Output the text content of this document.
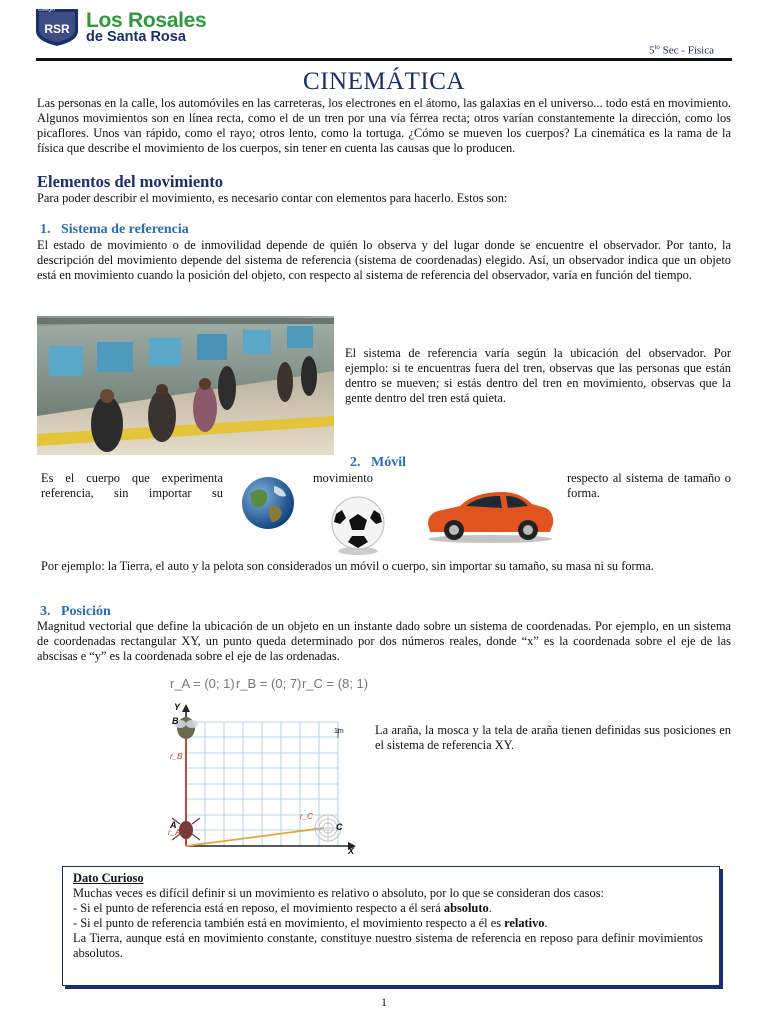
Colegio
RSR Los Rosales
de Santa Rosa
$5^{to}$ Sec - Física
CINEMÁTICA
Las personas en la calle, los automóviles en las carreteras, los electrones en el átomo, las galaxias en el universo... todo está en movimiento. Algunos movimientos son en línea recta, como el de un tren por una vía férrea recta; otros varían constantemente la dirección, como los picaflores. Unos van rápido, como el rayo; otros lento, como la tortuga. ¿Cómo se mueven los cuerpos? La cinemática es la rama de la física que describe el movimiento de los cuerpos, sin tener en cuenta las causas que lo producen.
Elementos del movimiento
Para poder describir el movimiento, es necesario contar con elementos para hacerlo. Estos son:
1. Sistema de referencia
El estado de movimiento o de inmovilidad depende de quién lo observa y del lugar donde se encuentre el observador. Por tanto, la descripción del movimiento depende del sistema de referencia (sistema de coordenadas) elegido. Así, un observador indica que un objeto está en movimiento cuando la posición del objeto, con respecto al sistema de referencia del observador, varía en función del tiempo.
El sistema de referencia varía según la ubicación del observador. Por ejemplo: si te encuentras fuera del tren, observas que las personas que están dentro se mueven; si estás dentro del tren en movimiento, observas que la gente dentro del tren está quieta.
2. Móvil
Es el cuerpo que experimenta referencia, sin importar su
movimiento	respecto al sistema de tamaño o forma.
Por ejemplo: la Tierra, el auto y la pelota son considerados un móvil o cuerpo, sin importar su tamaño, su masa ni su forma.
3. Posición
Magnitud vectorial que define la ubicación de un objeto en un instante dado sobre un sistema de coordenadas. Por ejemplo, en un sistema de coordenadas rectangular XY, un punto queda determinado por dos números reales, donde “x” es la coordenada sobre el eje de las abscisas e “y” es la coordenada sobre el eje de las ordenadas.
r_A = (0; 1) r_B = (0; 7) r_C = (8; 1)
Y
X
B
A	C
r_B
r_A
r_C
1m	La araña, la mosca y la tela de araña tienen definidas sus posiciones en el sistema de referencia XY.
Dato Curioso
Muchas veces es difícil definir si un movimiento es relativo o absoluto, por lo que se consideran dos casos:
- Si el punto de referencia está en reposo, el movimiento respecto a él será absoluto.
- Si el punto de referencia también está en movimiento, el movimiento respecto a él es relativo.
La Tierra, aunque está en movimiento constante, constituye nuestro sistema de referencia en reposo para definir movimientos absolutos.
1
